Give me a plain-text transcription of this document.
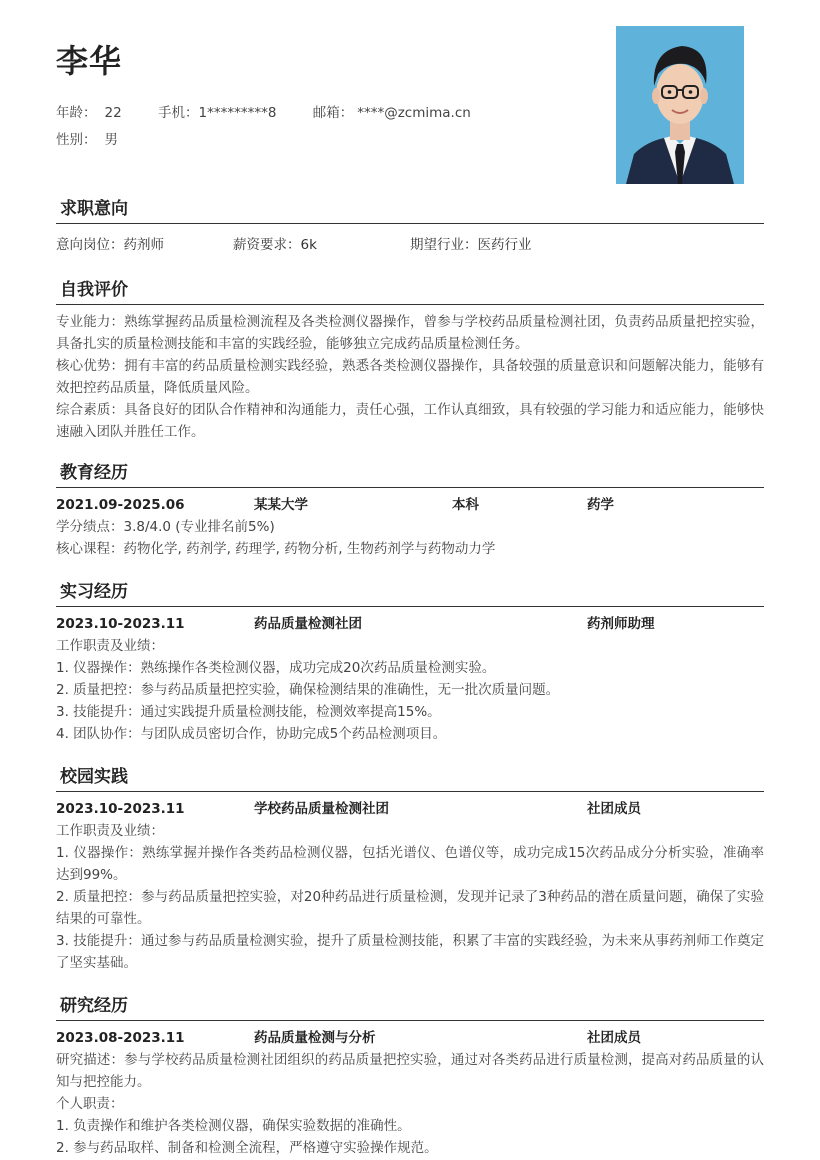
李华
年龄： 22	手机：1*********8	邮箱： ****@zcmima.cn
性别： 男
求职意向
意向岗位：药剂师	薪资要求：6k	期望行业：医药行业
自我评价
专业能力：熟练掌握药品质量检测流程及各类检测仪器操作，曾参与学校药品质量检测社团，负责药品质量把控实验，具备扎实的质量检测技能和丰富的实践经验，能够独立完成药品质量检测任务。
核心优势：拥有丰富的药品质量检测实践经验，熟悉各类检测仪器操作，具备较强的质量意识和问题解决能力，能够有效把控药品质量，降低质量风险。
综合素质：具备良好的团队合作精神和沟通能力，责任心强，工作认真细致，具有较强的学习能力和适应能力，能够快速融入团队并胜任工作。
教育经历
2021.09-2025.06	某某大学	本科	药学
学分绩点：3.8/4.0 (专业排名前5%)
核心课程：药物化学, 药剂学, 药理学, 药物分析, 生物药剂学与药物动力学
实习经历
2023.10-2023.11	药品质量检测社团	药剂师助理
工作职责及业绩：
1. 仪器操作：熟练操作各类检测仪器，成功完成20次药品质量检测实验。
2. 质量把控：参与药品质量把控实验，确保检测结果的准确性，无一批次质量问题。
3. 技能提升：通过实践提升质量检测技能，检测效率提高15%。
4. 团队协作：与团队成员密切合作，协助完成5个药品检测项目。
校园实践
2023.10-2023.11	学校药品质量检测社团	社团成员
工作职责及业绩：
1. 仪器操作：熟练掌握并操作各类药品检测仪器，包括光谱仪、色谱仪等，成功完成15次药品成分分析实验，准确率达到99%。
2. 质量把控：参与药品质量把控实验，对20种药品进行质量检测，发现并记录了3种药品的潜在质量问题，确保了实验结果的可靠性。
3. 技能提升：通过参与药品质量检测实验，提升了质量检测技能，积累了丰富的实践经验，为未来从事药剂师工作奠定了坚实基础。
研究经历
2023.08-2023.11	药品质量检测与分析	社团成员
研究描述：参与学校药品质量检测社团组织的药品质量把控实验，通过对各类药品进行质量检测，提高对药品质量的认知与把控能力。
个人职责：
1. 负责操作和维护各类检测仪器，确保实验数据的准确性。
2. 参与药品取样、制备和检测全流程，严格遵守实验操作规范。
